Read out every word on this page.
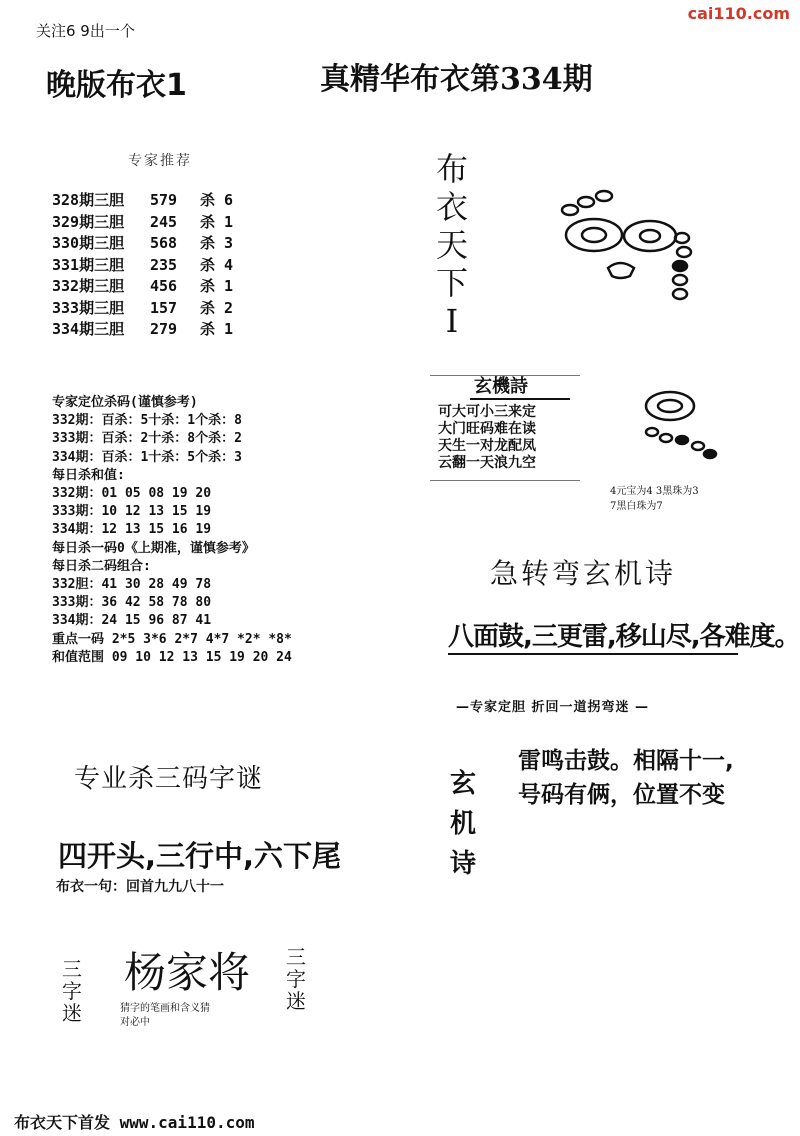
关注6 9出一个
cai110.com
晚版布衣1	真精华布衣第334期
专家推荐
328期三胆 579 杀 6
329期三胆 245 杀 1
330期三胆 568 杀 3
331期三胆 235 杀 4
332期三胆 456 杀 1
333期三胆 157 杀 2
334期三胆 279 杀 1
专家定位杀码(谨慎参考)
332期：百杀：5十杀：1个杀：8
333期：百杀：2十杀：8个杀：2
334期：百杀：1十杀：5个杀：3
每日杀和值:
332期：01 05 08 19 20
333期：10 12 13 15 19
334期：12 13 15 16 19
每日杀一码0《上期准，谨慎参考》
每日杀二码组合:
332胆：41 30 28 49 78
333期：36 42 58 78 80
334期：24 15 96 87 41
重点一码 2*5 3*6 2*7 4*7 *2* *8*
和值范围 09 10 12 13 15 19 20 24
专业杀三码字谜
四开头,三行中,六下尾
布衣一句：回首九九八十一
杨家将
三字迷
三字迷
猜字的笔画和含义猜
对必中
布衣天下首发 www.cai110.com
布衣天下I
玄機詩
可大可小三来定
大门旺码难在读
天生一对龙配凤
云翻一天浪九空
4元宝为4 3黑珠为3
7黑白珠为7
急转弯玄机诗
八面鼓,三更雷,移山尽,各难度。
—专家定胆 折回一道拐弯迷 —
玄机诗
雷鸣击鼓。相隔十一,
号码有俩，位置不变
